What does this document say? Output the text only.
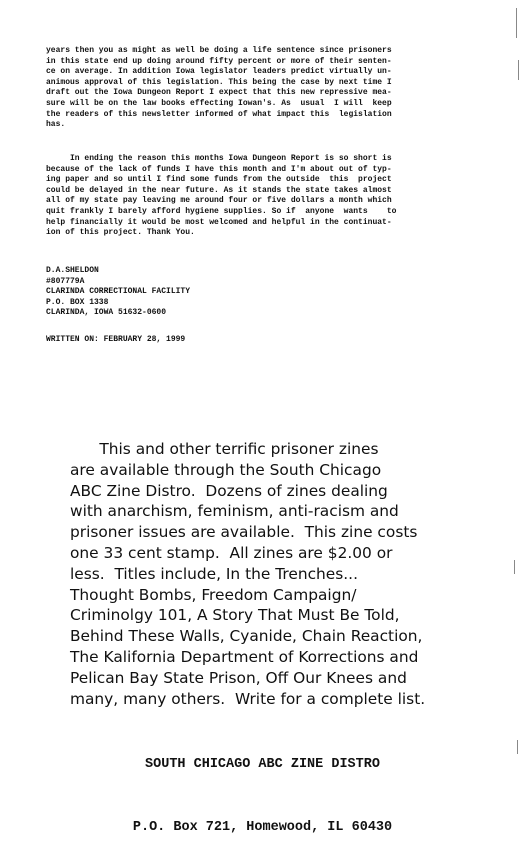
years then you as might as well be doing a life sentence since prisoners
in this state end up doing around fifty percent or more of their senten-
ce on average. In addition Iowa legislator leaders predict virtually un-
animous approval of this legislation. This being the case by next time I
draft out the Iowa Dungeon Report I expect that this new repressive mea-
sure will be on the law books effecting Iowan's. As  usual  I will  keep
the readers of this newsletter informed of what impact this  legislation
has.
In ending the reason this months Iowa Dungeon Report is so short is
because of the lack of funds I have this month and I'm about out of typ-
ing paper and so until I find some funds from the outside  this  project
could be delayed in the near future. As it stands the state takes almost
all of my state pay leaving me around four or five dollars a month which
quit frankly I barely afford hygiene supplies. So if  anyone  wants    to
help financially it would be most welcomed and helpful in the continuat-
ion of this project. Thank You.
D.A.SHELDON
#807779A
CLARINDA CORRECTIONAL FACILITY
P.O. BOX 1338
CLARINDA, IOWA 51632-0600
WRITTEN ON: FEBRUARY 28, 1999
This and other terrific prisoner zines
are available through the South Chicago
ABC Zine Distro.  Dozens of zines dealing
with anarchism, feminism, anti-racism and
prisoner issues are available.  This zine costs
one 33 cent stamp.  All zines are $2.00 or
less.  Titles include, In the Trenches...
Thought Bombs, Freedom Campaign/
Criminolgy 101, A Story That Must Be Told,
Behind These Walls, Cyanide, Chain Reaction,
The Kalifornia Department of Korrections and
Pelican Bay State Prison, Off Our Knees and
many, many others.  Write for a complete list.

SOUTH CHICAGO ABC ZINE DISTRO

P.O. Box 721, Homewood, IL 60430
